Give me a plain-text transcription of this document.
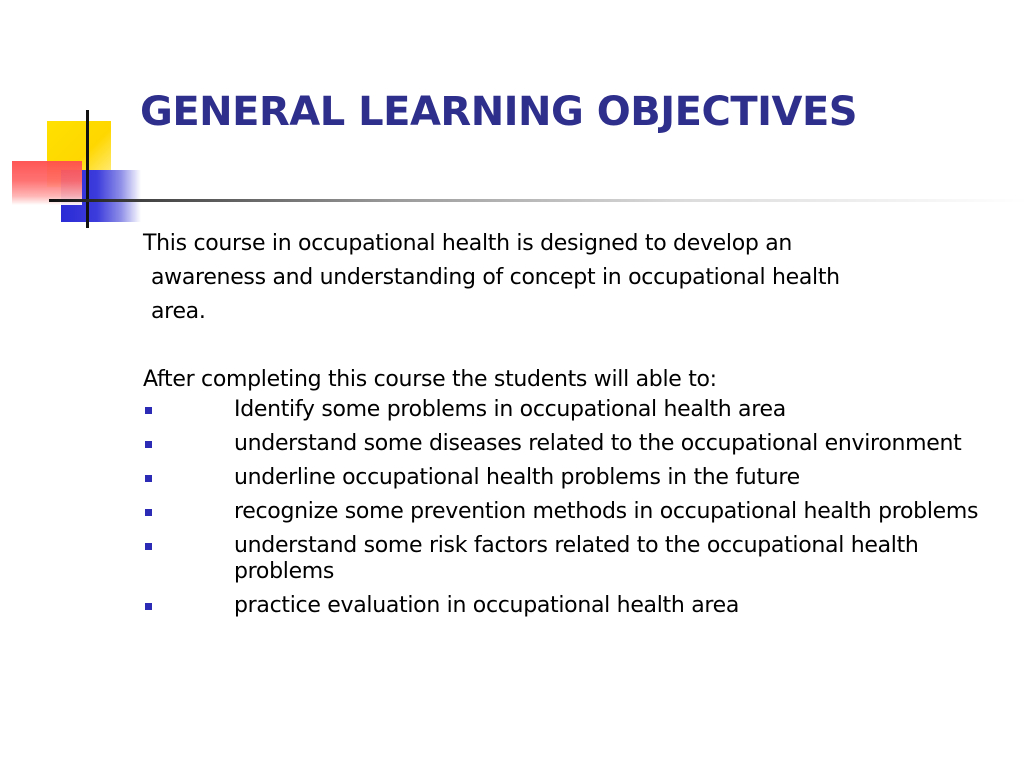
GENERAL LEARNING OBJECTIVES

This course in occupational health is designed to develop an

awareness and understanding of concept in occupational health

area.

After completing this course the students will able to:

Identify some problems in occupational health area
understand some diseases related to the occupational environment
underline occupational health problems in the future
recognize some prevention methods in occupational health problems
understand some risk factors related to the occupational health problems
practice evaluation in occupational health area
